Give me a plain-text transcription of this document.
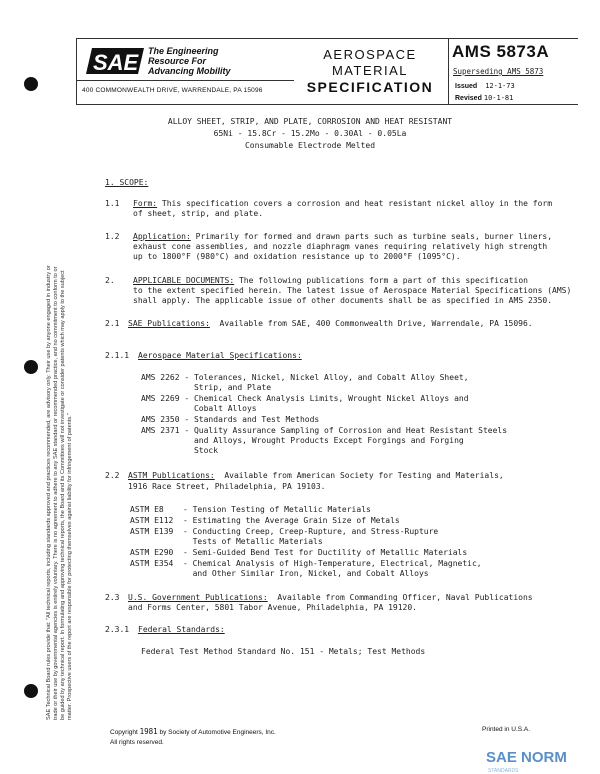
SAE The Engineering
Resource For
Advancing Mobility
400 COMMONWEALTH DRIVE, WARRENDALE, PA 15096
AEROSPACE
MATERIAL
SPECIFICATION
AMS 5873A
Superseding AMS 5873
Issued 12-1-73
Revised 10-1-81
SAE Technical Board rules provide that: "All technical reports, including standards approved and practices recommended, are advisory only. Their use by anyone engaged in industry or trade or their use by governmental agencies is entirely voluntary. There is no agreement to adhere to any SAE standard or recommended practice, and no commitment to conform to or be guided by any technical report. In formulating and approving technical reports, the Board and its Committees will not investigate or consider patents which may apply to the subject matter. Prospective users of the report are responsible for protecting themselves against liability for infringement of patents."
ALLOY SHEET, STRIP, AND PLATE, CORROSION AND HEAT RESISTANT
65Ni - 15.8Cr - 15.2Mo - 0.30Al - 0.05La
Consumable Electrode Melted
1. SCOPE:
1.1 Form: This specification covers a corrosion and heat resistant nickel alloy in the form
of sheet, strip, and plate.
1.2 Application: Primarily for formed and drawn parts such as turbine seals, burner liners,
exhaust cone assemblies, and nozzle diaphragm vanes requiring relatively high strength
up to 1800°F (980°C) and oxidation resistance up to 2000°F (1095°C).
2. APPLICABLE DOCUMENTS: The following publications form a part of this specification
to the extent specified herein. The latest issue of Aerospace Material Specifications (AMS)
shall apply. The applicable issue of other documents shall be as specified in AMS 2350.
2.1 SAE Publications: Available from SAE, 400 Commonwealth Drive, Warrendale, PA 15096.
2.1.1 Aerospace Material Specifications:
AMS 2262 - Tolerances, Nickel, Nickel Alloy, and Cobalt Alloy Sheet,
Strip, and Plate
AMS 2269 - Chemical Check Analysis Limits, Wrought Nickel Alloys and
Cobalt Alloys
AMS 2350 - Standards and Test Methods
AMS 2371 - Quality Assurance Sampling of Corrosion and Heat Resistant Steels
and Alloys, Wrought Products Except Forgings and Forging
Stock
2.2 ASTM Publications: Available from American Society for Testing and Materials,
1916 Race Street, Philadelphia, PA 19103.
ASTM E8    - Tension Testing of Metallic Materials
ASTM E112  - Estimating the Average Grain Size of Metals
ASTM E139  - Conducting Creep, Creep-Rupture, and Stress-Rupture
Tests of Metallic Materials
ASTM E290  - Semi-Guided Bend Test for Ductility of Metallic Materials
ASTM E354  - Chemical Analysis of High-Temperature, Electrical, Magnetic,
and Other Similar Iron, Nickel, and Cobalt Alloys
2.3 U.S. Government Publications: Available from Commanding Officer, Naval Publications
and Forms Center, 5801 Tabor Avenue, Philadelphia, PA 19120.
2.3.1 Federal Standards:
Federal Test Method Standard No. 151 - Metals; Test Methods
Copyright 1981 by Society of Automotive Engineers, Inc.
All rights reserved.
Printed in U.S.A.
SAE NORM
STANDARDS
